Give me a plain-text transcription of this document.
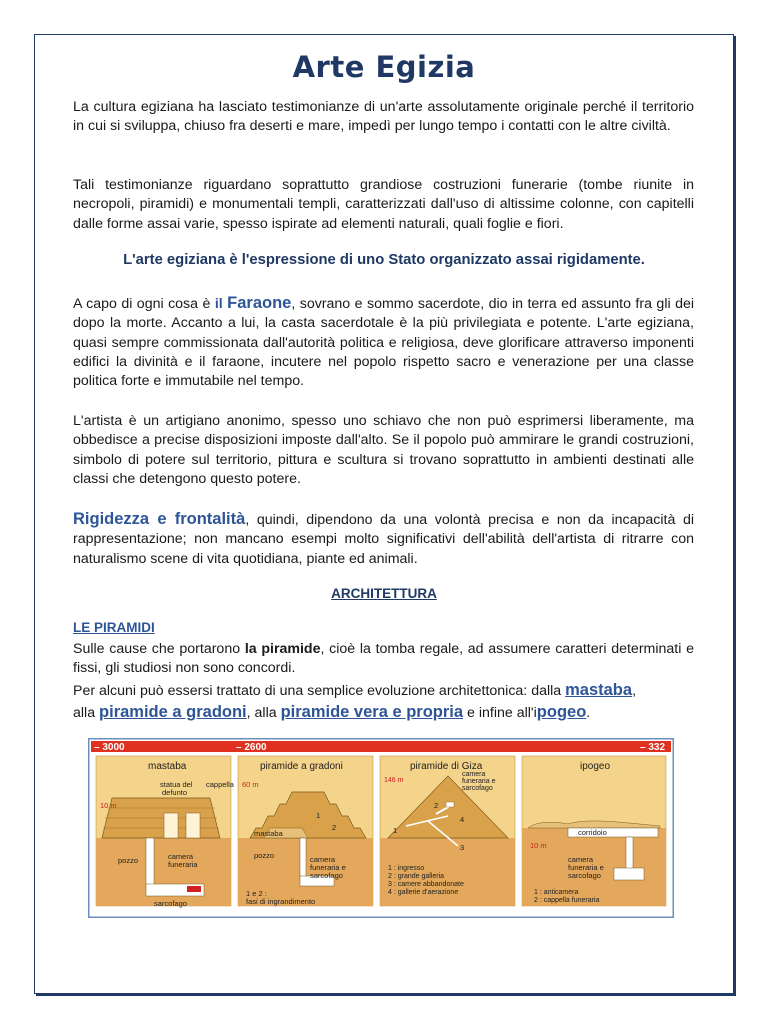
Arte Egizia

La cultura egiziana ha lasciato testimonianze di un'arte assolutamente originale perché il territorio in cui si sviluppa, chiuso fra deserti e mare, impedì per lungo tempo i contatti con le altre civiltà.

Tali testimonianze riguardano soprattutto grandiose costruzioni funerarie (tombe riunite in necropoli, piramidi) e monumentali templi, caratterizzati dall'uso di altissime colonne, con capitelli dalle forme assai varie, spesso ispirate ad elementi naturali, quali foglie e fiori.

L'arte egiziana è l'espressione di uno Stato organizzato assai rigidamente.

A capo di ogni cosa è il Faraone, sovrano e sommo sacerdote, dio in terra ed assunto fra gli dei dopo la morte. Accanto a lui, la casta sacerdotale è la più privilegiata e potente. L'arte egiziana, quasi sempre commissionata dall'autorità politica e religiosa, deve glorificare attraverso imponenti edifici la divinità e il faraone, incutere nel popolo rispetto sacro e venerazione per una classe politica forte e immutabile nel tempo.

L'artista è un artigiano anonimo, spesso uno schiavo che non può esprimersi liberamente, ma obbedisce a precise disposizioni imposte dall'alto. Se il popolo può ammirare le grandi costruzioni, simbolo di potere sul territorio, pittura e scultura si trovano soprattutto in ambienti destinati alle classi che detengono questo potere.

Rigidezza e frontalità, quindi, dipendono da una volontà precisa e non da incapacità di rappresentazione; non mancano esempi molto significativi dell'abilità dell'artista di ritrarre con naturalismo scene di vita quotidiana, piante ed animali.

ARCHITETTURA
LE PIRAMIDI

Sulle cause che portarono la piramide, cioè la tomba regale, ad assumere caratteri determinati e fissi, gli studiosi non sono concordi.

Per alcuni può essersi trattato di una semplice evoluzione architettonica: dalla mastaba,
alla piramide a gradoni, alla piramide vera e propria e infine all'ipogeo.

– 3000	– 2600	– 332
mastaba
cappella
statua del
defunto
10 m
pozzo	camera
funeraria
sarcofago
piramide a gradoni
60 m
1
2
mastaba
pozzo	camera
funeraria e
sarcofago
1 e 2 :
fasi di ingrandimento
piramide di Giza
146 m
camera
funeraria e
sarcofago
1
2
3
4
1 : ingresso
2 : grande galleria
3 : camere abbandonate
4 : gallerie d'aerazione
ipogeo
corridoio
10 m
camera
funeraria e
sarcofago
1 : anticamera
2 : cappella funeraria
